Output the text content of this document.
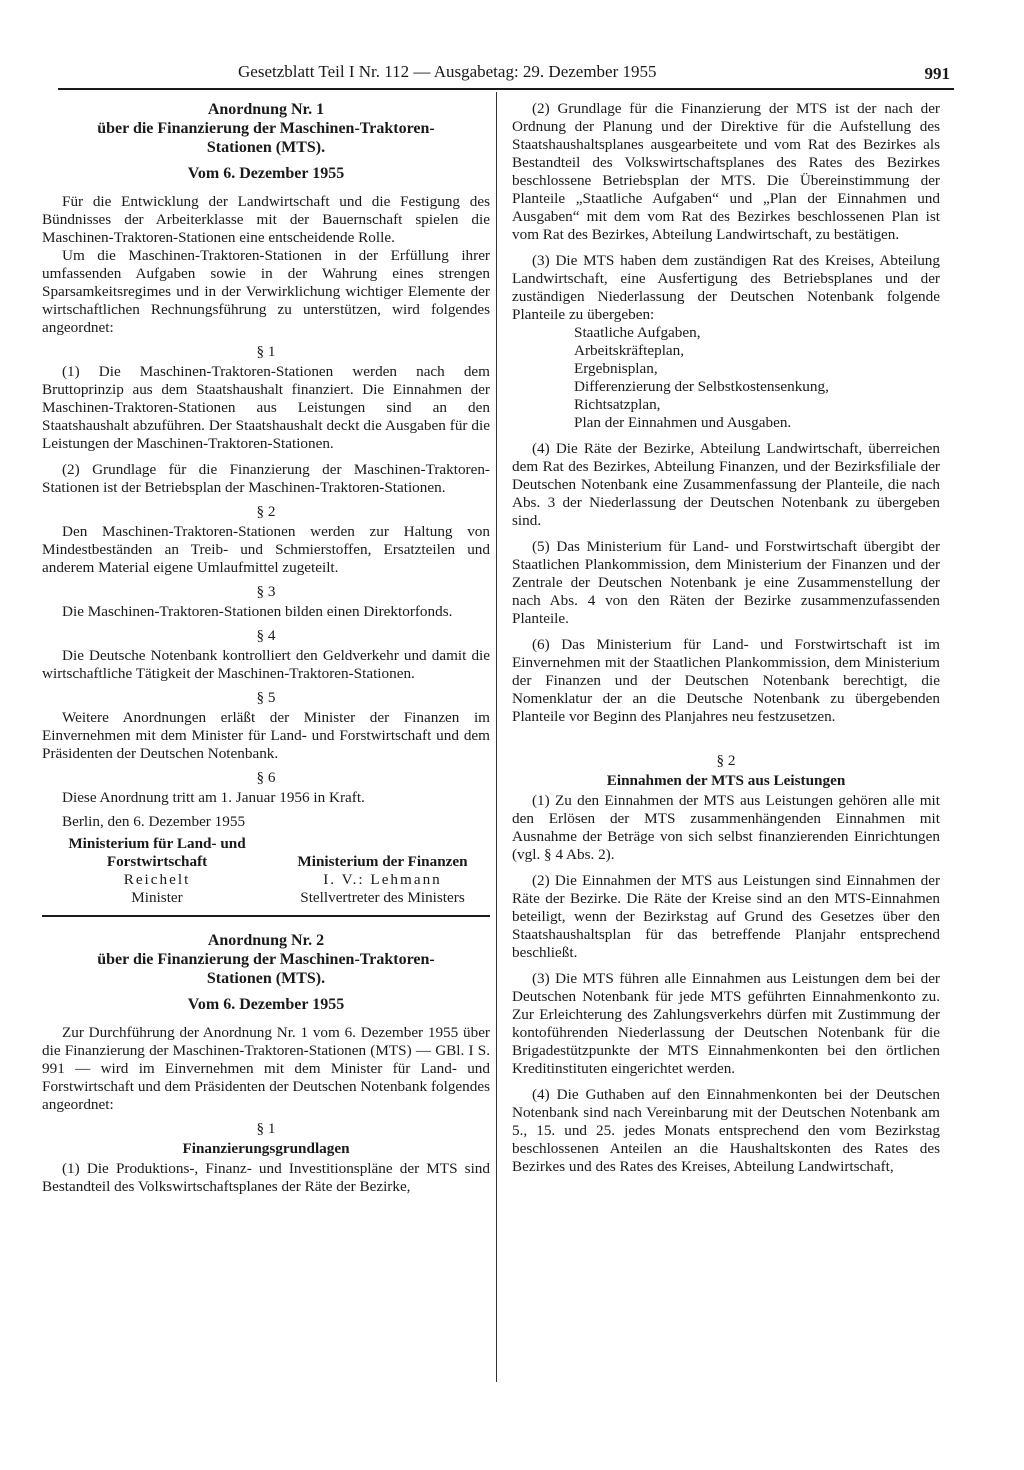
Gesetzblatt Teil I Nr. 112 — Ausgabetag: 29. Dezember 1955	991
Anordnung Nr. 1
über die Finanzierung der Maschinen-Traktoren-
Stationen (MTS).
Vom 6. Dezember 1955

Für die Entwicklung der Landwirtschaft und die Festigung des Bündnisses der Arbeiterklasse mit der Bauernschaft spielen die Maschinen-Traktoren-Stationen eine entscheidende Rolle.

Um die Maschinen-Traktoren-Stationen in der Erfüllung ihrer umfassenden Aufgaben sowie in der Wahrung eines strengen Sparsamkeitsregimes und in der Verwirklichung wichtiger Elemente der wirtschaftlichen Rechnungsführung zu unterstützen, wird folgendes angeordnet:

§ 1

(1) Die Maschinen-Traktoren-Stationen werden nach dem Bruttoprinzip aus dem Staatshaushalt finanziert. Die Einnahmen der Maschinen-Traktoren-Stationen aus Leistungen sind an den Staatshaushalt abzuführen. Der Staatshaushalt deckt die Ausgaben für die Leistungen der Maschinen-Traktoren-Stationen.

(2) Grundlage für die Finanzierung der Maschinen-Traktoren-Stationen ist der Betriebsplan der Maschinen-Traktoren-Stationen.

§ 2

Den Maschinen-Traktoren-Stationen werden zur Haltung von Mindestbeständen an Treib- und Schmierstoffen, Ersatzteilen und anderem Material eigene Umlaufmittel zugeteilt.

§ 3

Die Maschinen-Traktoren-Stationen bilden einen Direktorfonds.

§ 4

Die Deutsche Notenbank kontrolliert den Geldverkehr und damit die wirtschaftliche Tätigkeit der Maschinen-Traktoren-Stationen.

§ 5

Weitere Anordnungen erläßt der Minister der Finanzen im Einvernehmen mit dem Minister für Land- und Forstwirtschaft und dem Präsidenten der Deutschen Notenbank.

§ 6

Diese Anordnung tritt am 1. Januar 1956 in Kraft.

Berlin, den 6. Dezember 1955

Ministerium für Land- und
Forstwirtschaft
Reichelt
Minister
Ministerium der Finanzen
I. V.: Lehmann
Stellvertreter des Ministers
Anordnung Nr. 2
über die Finanzierung der Maschinen-Traktoren-
Stationen (MTS).
Vom 6. Dezember 1955

Zur Durchführung der Anordnung Nr. 1 vom 6. Dezember 1955 über die Finanzierung der Maschinen-Traktoren-Stationen (MTS) — GBl. I S. 991 — wird im Einvernehmen mit dem Minister für Land- und Forstwirtschaft und dem Präsidenten der Deutschen Notenbank folgendes angeordnet:

§ 1
Finanzierungsgrundlagen

(1) Die Produktions-, Finanz- und Investitionspläne der MTS sind Bestandteil des Volkswirtschaftsplanes der Räte der Bezirke,

(2) Grundlage für die Finanzierung der MTS ist der nach der Ordnung der Planung und der Direktive für die Aufstellung des Staatshaushaltsplanes ausgearbeitete und vom Rat des Bezirkes als Bestandteil des Volkswirtschaftsplanes des Rates des Bezirkes beschlossene Betriebsplan der MTS. Die Übereinstimmung der Planteile „Staatliche Aufgaben“ und „Plan der Einnahmen und Ausgaben“ mit dem vom Rat des Bezirkes beschlossenen Plan ist vom Rat des Bezirkes, Abteilung Landwirtschaft, zu bestätigen.

(3) Die MTS haben dem zuständigen Rat des Kreises, Abteilung Landwirtschaft, eine Ausfertigung des Betriebsplanes und der zuständigen Niederlassung der Deutschen Notenbank folgende Planteile zu übergeben:

Staatliche Aufgaben,
Arbeitskräfteplan,
Ergebnisplan,
Differenzierung der Selbstkostensenkung,
Richtsatzplan,
Plan der Einnahmen und Ausgaben.

(4) Die Räte der Bezirke, Abteilung Landwirtschaft, überreichen dem Rat des Bezirkes, Abteilung Finanzen, und der Bezirksfiliale der Deutschen Notenbank eine Zusammenfassung der Planteile, die nach Abs. 3 der Niederlassung der Deutschen Notenbank zu übergeben sind.

(5) Das Ministerium für Land- und Forstwirtschaft übergibt der Staatlichen Plankommission, dem Ministerium der Finanzen und der Zentrale der Deutschen Notenbank je eine Zusammenstellung der nach Abs. 4 von den Räten der Bezirke zusammenzufassenden Planteile.

(6) Das Ministerium für Land- und Forstwirtschaft ist im Einvernehmen mit der Staatlichen Plankommission, dem Ministerium der Finanzen und der Deutschen Notenbank berechtigt, die Nomenklatur der an die Deutsche Notenbank zu übergebenden Planteile vor Beginn des Planjahres neu festzusetzen.

§ 2
Einnahmen der MTS aus Leistungen

(1) Zu den Einnahmen der MTS aus Leistungen gehören alle mit den Erlösen der MTS zusammenhängenden Einnahmen mit Ausnahme der Beträge von sich selbst finanzierenden Einrichtungen (vgl. § 4 Abs. 2).

(2) Die Einnahmen der MTS aus Leistungen sind Einnahmen der Räte der Bezirke. Die Räte der Kreise sind an den MTS-Einnahmen beteiligt, wenn der Bezirkstag auf Grund des Gesetzes über den Staatshaushaltsplan für das betreffende Planjahr entsprechend beschließt.

(3) Die MTS führen alle Einnahmen aus Leistungen dem bei der Deutschen Notenbank für jede MTS geführten Einnahmenkonto zu. Zur Erleichterung des Zahlungsverkehrs dürfen mit Zustimmung der kontoführenden Niederlassung der Deutschen Notenbank für die Brigadestützpunkte der MTS Einnahmenkonten bei den örtlichen Kreditinstituten eingerichtet werden.

(4) Die Guthaben auf den Einnahmenkonten bei der Deutschen Notenbank sind nach Vereinbarung mit der Deutschen Notenbank am 5., 15. und 25. jedes Monats entsprechend den vom Bezirkstag beschlossenen Anteilen an die Haushaltskonten des Rates des Bezirkes und des Rates des Kreises, Abteilung Landwirtschaft,
